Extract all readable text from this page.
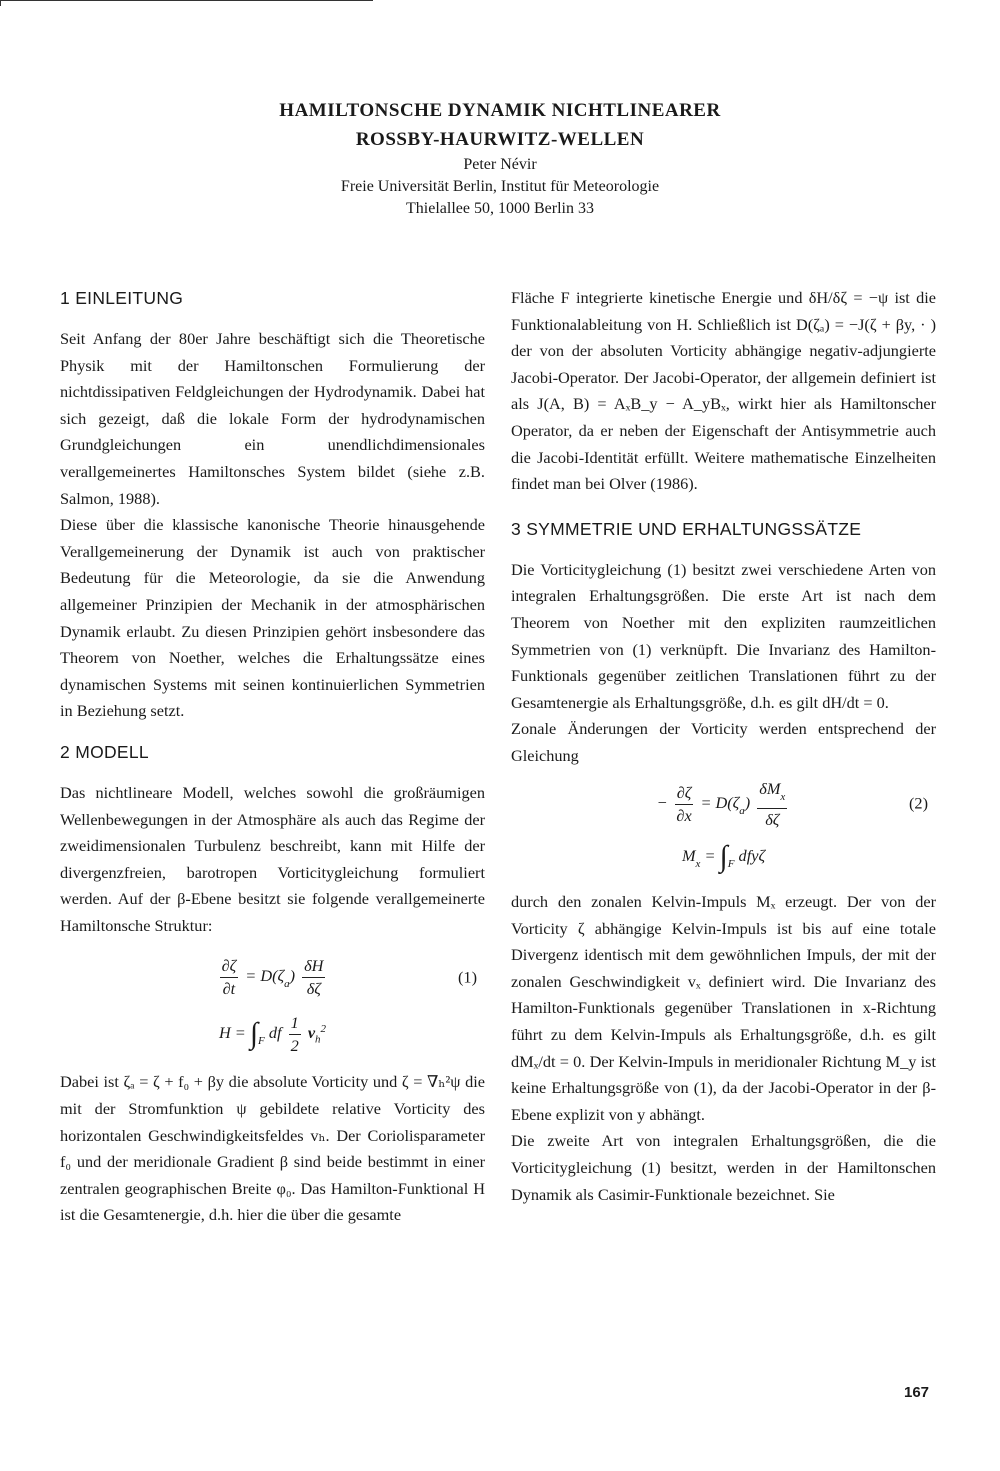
HAMILTONSCHE DYNAMIK NICHTLINEARER
ROSSBY-HAURWITZ-WELLEN
Peter Névir
Freie Universität Berlin, Institut für Meteorologie
Thielallee 50, 1000 Berlin 33
1 EINLEITUNG

Seit Anfang der 80er Jahre beschäftigt sich die Theoretische Physik mit der Hamiltonschen Formulierung der nichtdissipativen Feldgleichungen der Hydrodynamik. Dabei hat sich gezeigt, daß die lokale Form der hydrodynamischen Grundgleichungen ein unendlichdimensionales verallgemeinertes Hamiltonsches System bildet (siehe z.B. Salmon, 1988).

Diese über die klassische kanonische Theorie hinausgehende Verallgemeinerung der Dynamik ist auch von praktischer Bedeutung für die Meteorologie, da sie die Anwendung allgemeiner Prinzipien der Mechanik in der atmosphärischen Dynamik erlaubt. Zu diesen Prinzipien gehört insbesondere das Theorem von Noether, welches die Erhaltungssätze eines dynamischen Systems mit seinen kontinuierlichen Symmetrien in Beziehung setzt.

2 MODELL

Das nichtlineare Modell, welches sowohl die großräumigen Wellenbewegungen in der Atmosphäre als auch das Regime der zweidimensionalen Turbulenz beschreibt, kann mit Hilfe der divergenzfreien, barotropen Vorticitygleichung formuliert werden. Auf der β-Ebene besitzt sie folgende verallgemeinerte Hamiltonsche Struktur:

$\frac{\partial\zeta}{\partial t} = D(\zeta_a) \frac{\delta H}{\delta\zeta}$	(1)
$H = \int_F$ df $\frac{1}{2} v_h^2$

Dabei ist ζₐ = ζ + f₀ + βy die absolute Vorticity und ζ = ∇ₕ²ψ die mit der Stromfunktion ψ gebildete relative Vorticity des horizontalen Geschwindigkeitsfeldes vₕ. Der Coriolisparameter f₀ und der meridionale Gradient β sind beide bestimmt in einer zentralen geographischen Breite φ₀. Das Hamilton-Funktional H ist die Gesamtenergie, d.h. hier die über die gesamte

Fläche F integrierte kinetische Energie und δH/δζ = −ψ ist die Funktionalableitung von H. Schließlich ist D(ζₐ) = −J(ζ + βy, · ) der von der absoluten Vorticity abhängige negativ-adjungierte Jacobi-Operator. Der Jacobi-Operator, der allgemein definiert ist als J(A, B) = AₓB_y − A_yBₓ, wirkt hier als Hamiltonscher Operator, da er neben der Eigenschaft der Antisymmetrie auch die Jacobi-Identität erfüllt. Weitere mathematische Einzelheiten findet man bei Olver (1986).

3 SYMMETRIE UND ERHALTUNGSSÄTZE

Die Vorticitygleichung (1) besitzt zwei verschiedene Arten von integralen Erhaltungsgrößen. Die erste Art ist nach dem Theorem von Noether mit den expliziten raumzeitlichen Symmetrien von (1) verknüpft. Die Invarianz des Hamilton-Funktionals gegenüber zeitlichen Translationen führt zu der Gesamtenergie als Erhaltungsgröße, d.h. es gilt dH/dt = 0.

Zonale Änderungen der Vorticity werden entsprechend der Gleichung

− $\frac{\partial\zeta}{\partial x} = D(\zeta_a) \frac{\delta M_x}{\delta\zeta}$	(2)
$M_x = \int_F$ dfyζ

durch den zonalen Kelvin-Impuls Mₓ erzeugt. Der von der Vorticity ζ abhängige Kelvin-Impuls ist bis auf eine totale Divergenz identisch mit dem gewöhnlichen Impuls, der mit der zonalen Geschwindigkeit vₓ definiert wird. Die Invarianz des Hamilton-Funktionals gegenüber Translationen in x-Richtung führt zu dem Kelvin-Impuls als Erhaltungsgröße, d.h. es gilt dMₓ/dt = 0. Der Kelvin-Impuls in meridionaler Richtung M_y ist keine Erhaltungsgröße von (1), da der Jacobi-Operator in der β-Ebene explizit von y abhängt.

Die zweite Art von integralen Erhaltungsgrößen, die die Vorticitygleichung (1) besitzt, werden in der Hamiltonschen Dynamik als Casimir-Funktionale bezeichnet. Sie

167
